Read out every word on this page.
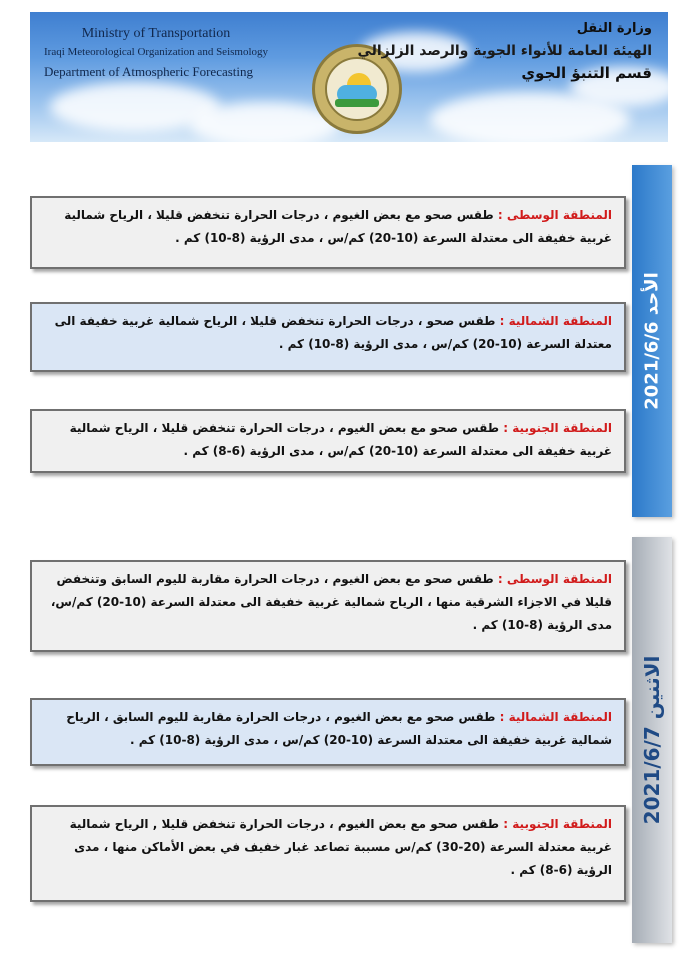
Ministry of Transportation
Iraqi Meteorological Organization and Seismology
Department of Atmospheric Forecasting
وزارة النقل
الهيئة العامة للأنواء الجوية والرصد الزلزالي
قسم التنبؤ الجوي
الأحد 2021/6/6
المنطقة الوسطى : طقس صحو مع بعض الغيوم ، درجات الحرارة تنخفض قليلا ، الرياح شمالية غربية خفيفة الى معتدلة السرعة (10-20) كم/س ، مدى الرؤية (8-10) كم .
المنطقة الشمالية : طقس صحو ، درجات الحرارة تنخفض قليلا ، الرياح شمالية غربية خفيفة الى معتدلة السرعة (10-20) كم/س ، مدى الرؤية (8-10) كم .
المنطقة الجنوبية : طقس صحو مع بعض الغيوم ، درجات الحرارة تنخفض قليلا ، الرياح شمالية غربية خفيفة الى معتدلة السرعة (10-20) كم/س ، مدى الرؤية (6-8) كم .
الاثنين 2021/6/7
المنطقة الوسطى : طقس صحو مع بعض الغيوم ، درجات الحرارة مقاربة لليوم السابق وتنخفض قليلا في الاجزاء الشرقية منها ، الرياح شمالية غربية خفيفة الى معتدلة السرعة (10-20) كم/س، مدى الرؤية (8-10) كم .
المنطقة الشمالية : طقس صحو مع بعض الغيوم ، درجات الحرارة مقاربة لليوم السابق ، الرياح شمالية غربية خفيفة الى معتدلة السرعة (10-20) كم/س ، مدى الرؤية (8-10) كم .
المنطقة الجنوبية : طقس صحو مع بعض الغيوم ، درجات الحرارة تنخفض قليلا , الرياح شمالية غربية معتدلة السرعة (20-30) كم/س مسببة تصاعد غبار خفيف في بعض الأماكن منها ، مدى الرؤية (6-8) كم .
